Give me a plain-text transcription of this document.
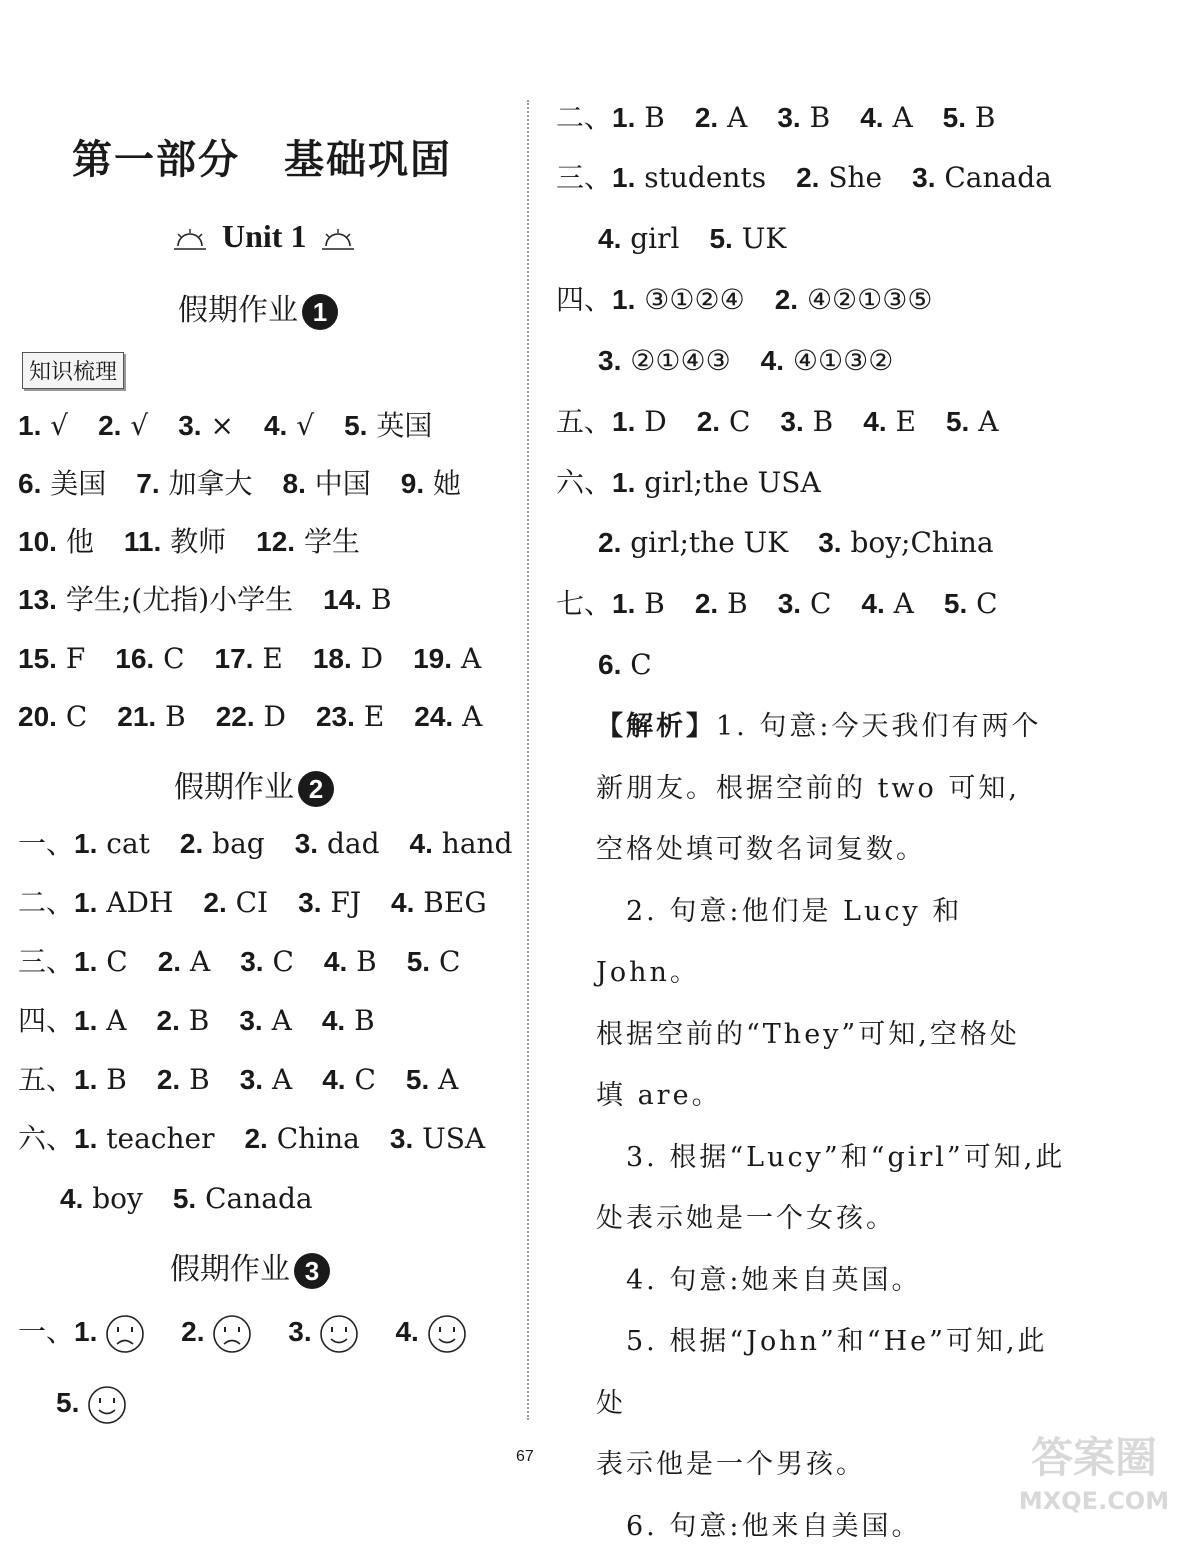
第一部分 基础巩固
Unit 1
假期作业 1
知识梳理
1. √ 2. √ 3. × 4. √ 5. 英国
6. 美国 7. 加拿大 8. 中国 9. 她
10. 他 11. 教师 12. 学生
13. 学生;(尤指)小学生 14. B
15. F 16. C 17. E 18. D 19. A
20. C 21. B 22. D 23. E 24. A
假期作业 2
一、1. cat 2. bag 3. dad 4. hand
二、1. ADH 2. CI 3. FJ 4. BEG
三、1. C 2. A 3. C 4. B 5. C
四、1. A 2. B 3. A 4. B
五、1. B 2. B 3. A 4. C 5. A
六、1. teacher 2. China 3. USA
4. boy 5. Canada
假期作业 3
一、1.	2.	3.	4.
5.
二、1. B 2. A 3. B 4. A 5. B
三、1. students 2. She 3. Canada
4. girl 5. UK
四、1. ③①②④ 2. ④②①③⑤
3. ②①④③ 4. ④①③②
五、1. D 2. C 3. B 4. E 5. A
六、1. girl;the USA
2. girl;the UK 3. boy;China
七、1. B 2. B 3. C 4. A 5. C
6. C

【解析】1. 句意:今天我们有两个

新朋友。根据空前的 two 可知,

空格处填可数名词复数。

　2. 句意:他们是 Lucy 和 John。

根据空前的“They”可知,空格处

填 are。

　3. 根据“Lucy”和“girl”可知,此

处表示她是一个女孩。

　4. 句意:她来自英国。

　5. 根据“John”和“He”可知,此处

表示他是一个男孩。

　6. 句意:他来自美国。

67	答案圈
MXQE.COM
